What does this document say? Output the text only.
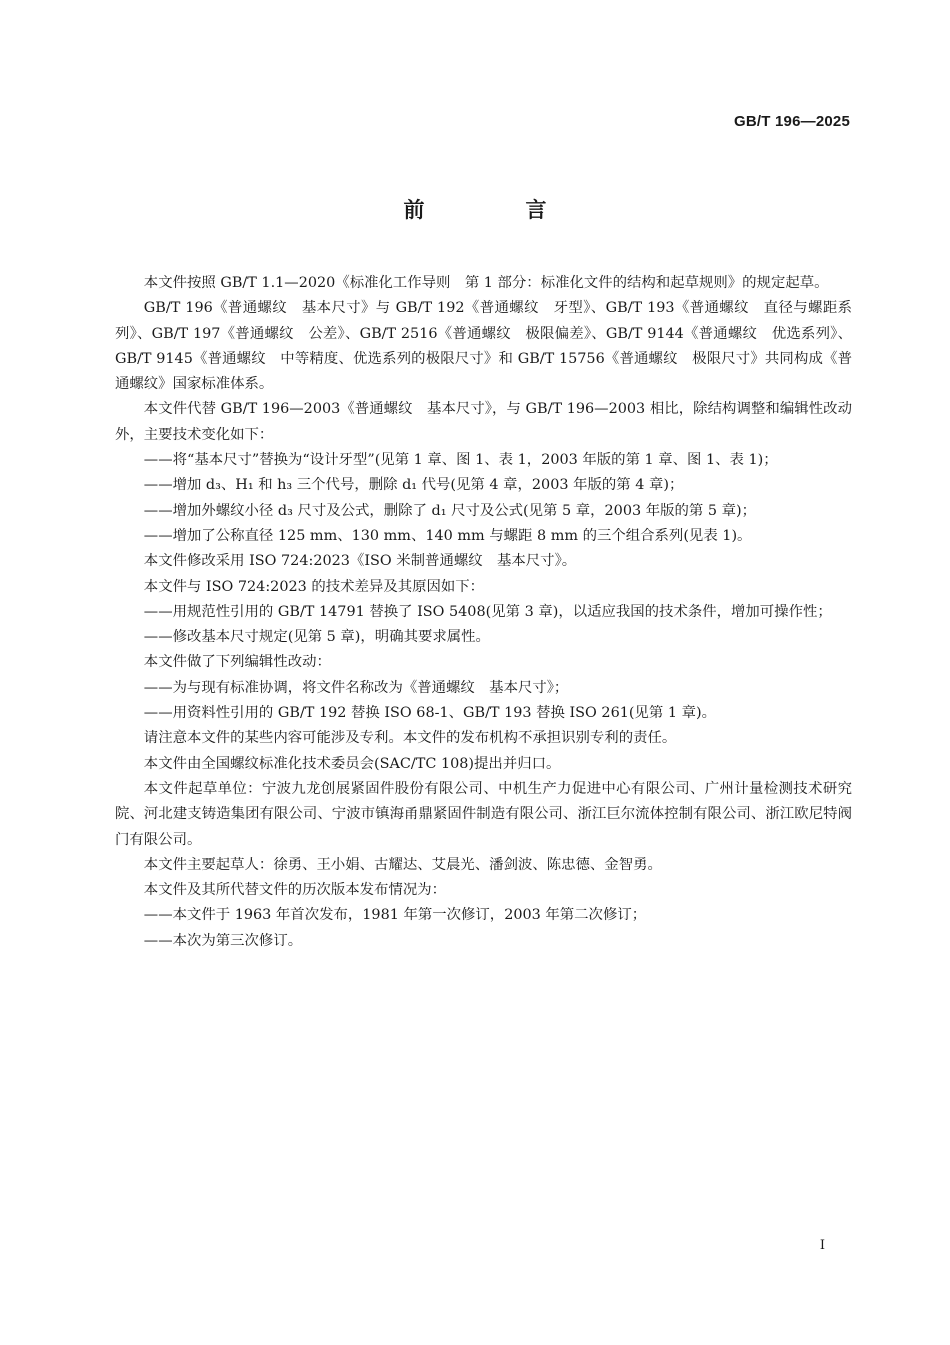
GB/T 196—2025
前　言

本文件按照 GB/T 1.1—2020《标准化工作导则　第 1 部分：标准化文件的结构和起草规则》的规定起草。

GB/T 196《普通螺纹　基本尺寸》与 GB/T 192《普通螺纹　牙型》、GB/T 193《普通螺纹　直径与螺距系列》、GB/T 197《普通螺纹　公差》、GB/T 2516《普通螺纹　极限偏差》、GB/T 9144《普通螺纹　优选系列》、GB/T 9145《普通螺纹　中等精度、优选系列的极限尺寸》和 GB/T 15756《普通螺纹　极限尺寸》共同构成《普通螺纹》国家标准体系。

本文件代替 GB/T 196—2003《普通螺纹　基本尺寸》，与 GB/T 196—2003 相比，除结构调整和编辑性改动外，主要技术变化如下：

——将“基本尺寸”替换为“设计牙型”(见第 1 章、图 1、表 1，2003 年版的第 1 章、图 1、表 1)；

——增加 d₃、H₁ 和 h₃ 三个代号，删除 d₁ 代号(见第 4 章，2003 年版的第 4 章)；

——增加外螺纹小径 d₃ 尺寸及公式，删除了 d₁ 尺寸及公式(见第 5 章，2003 年版的第 5 章)；

——增加了公称直径 125 mm、130 mm、140 mm 与螺距 8 mm 的三个组合系列(见表 1)。

本文件修改采用 ISO 724:2023《ISO 米制普通螺纹　基本尺寸》。

本文件与 ISO 724:2023 的技术差异及其原因如下：

——用规范性引用的 GB/T 14791 替换了 ISO 5408(见第 3 章)，以适应我国的技术条件，增加可操作性；

——修改基本尺寸规定(见第 5 章)，明确其要求属性。

本文件做了下列编辑性改动：

——为与现有标准协调，将文件名称改为《普通螺纹　基本尺寸》；

——用资料性引用的 GB/T 192 替换 ISO 68-1、GB/T 193 替换 ISO 261(见第 1 章)。

请注意本文件的某些内容可能涉及专利。本文件的发布机构不承担识别专利的责任。

本文件由全国螺纹标准化技术委员会(SAC/TC 108)提出并归口。

本文件起草单位：宁波九龙创展紧固件股份有限公司、中机生产力促进中心有限公司、广州计量检测技术研究院、河北建支铸造集团有限公司、宁波市镇海甬鼎紧固件制造有限公司、浙江巨尔流体控制有限公司、浙江欧尼特阀门有限公司。

本文件主要起草人：徐勇、王小娟、古耀达、艾晨光、潘剑波、陈忠德、金智勇。

本文件及其所代替文件的历次版本发布情况为：

——本文件于 1963 年首次发布，1981 年第一次修订，2003 年第二次修订；

——本次为第三次修订。

I
